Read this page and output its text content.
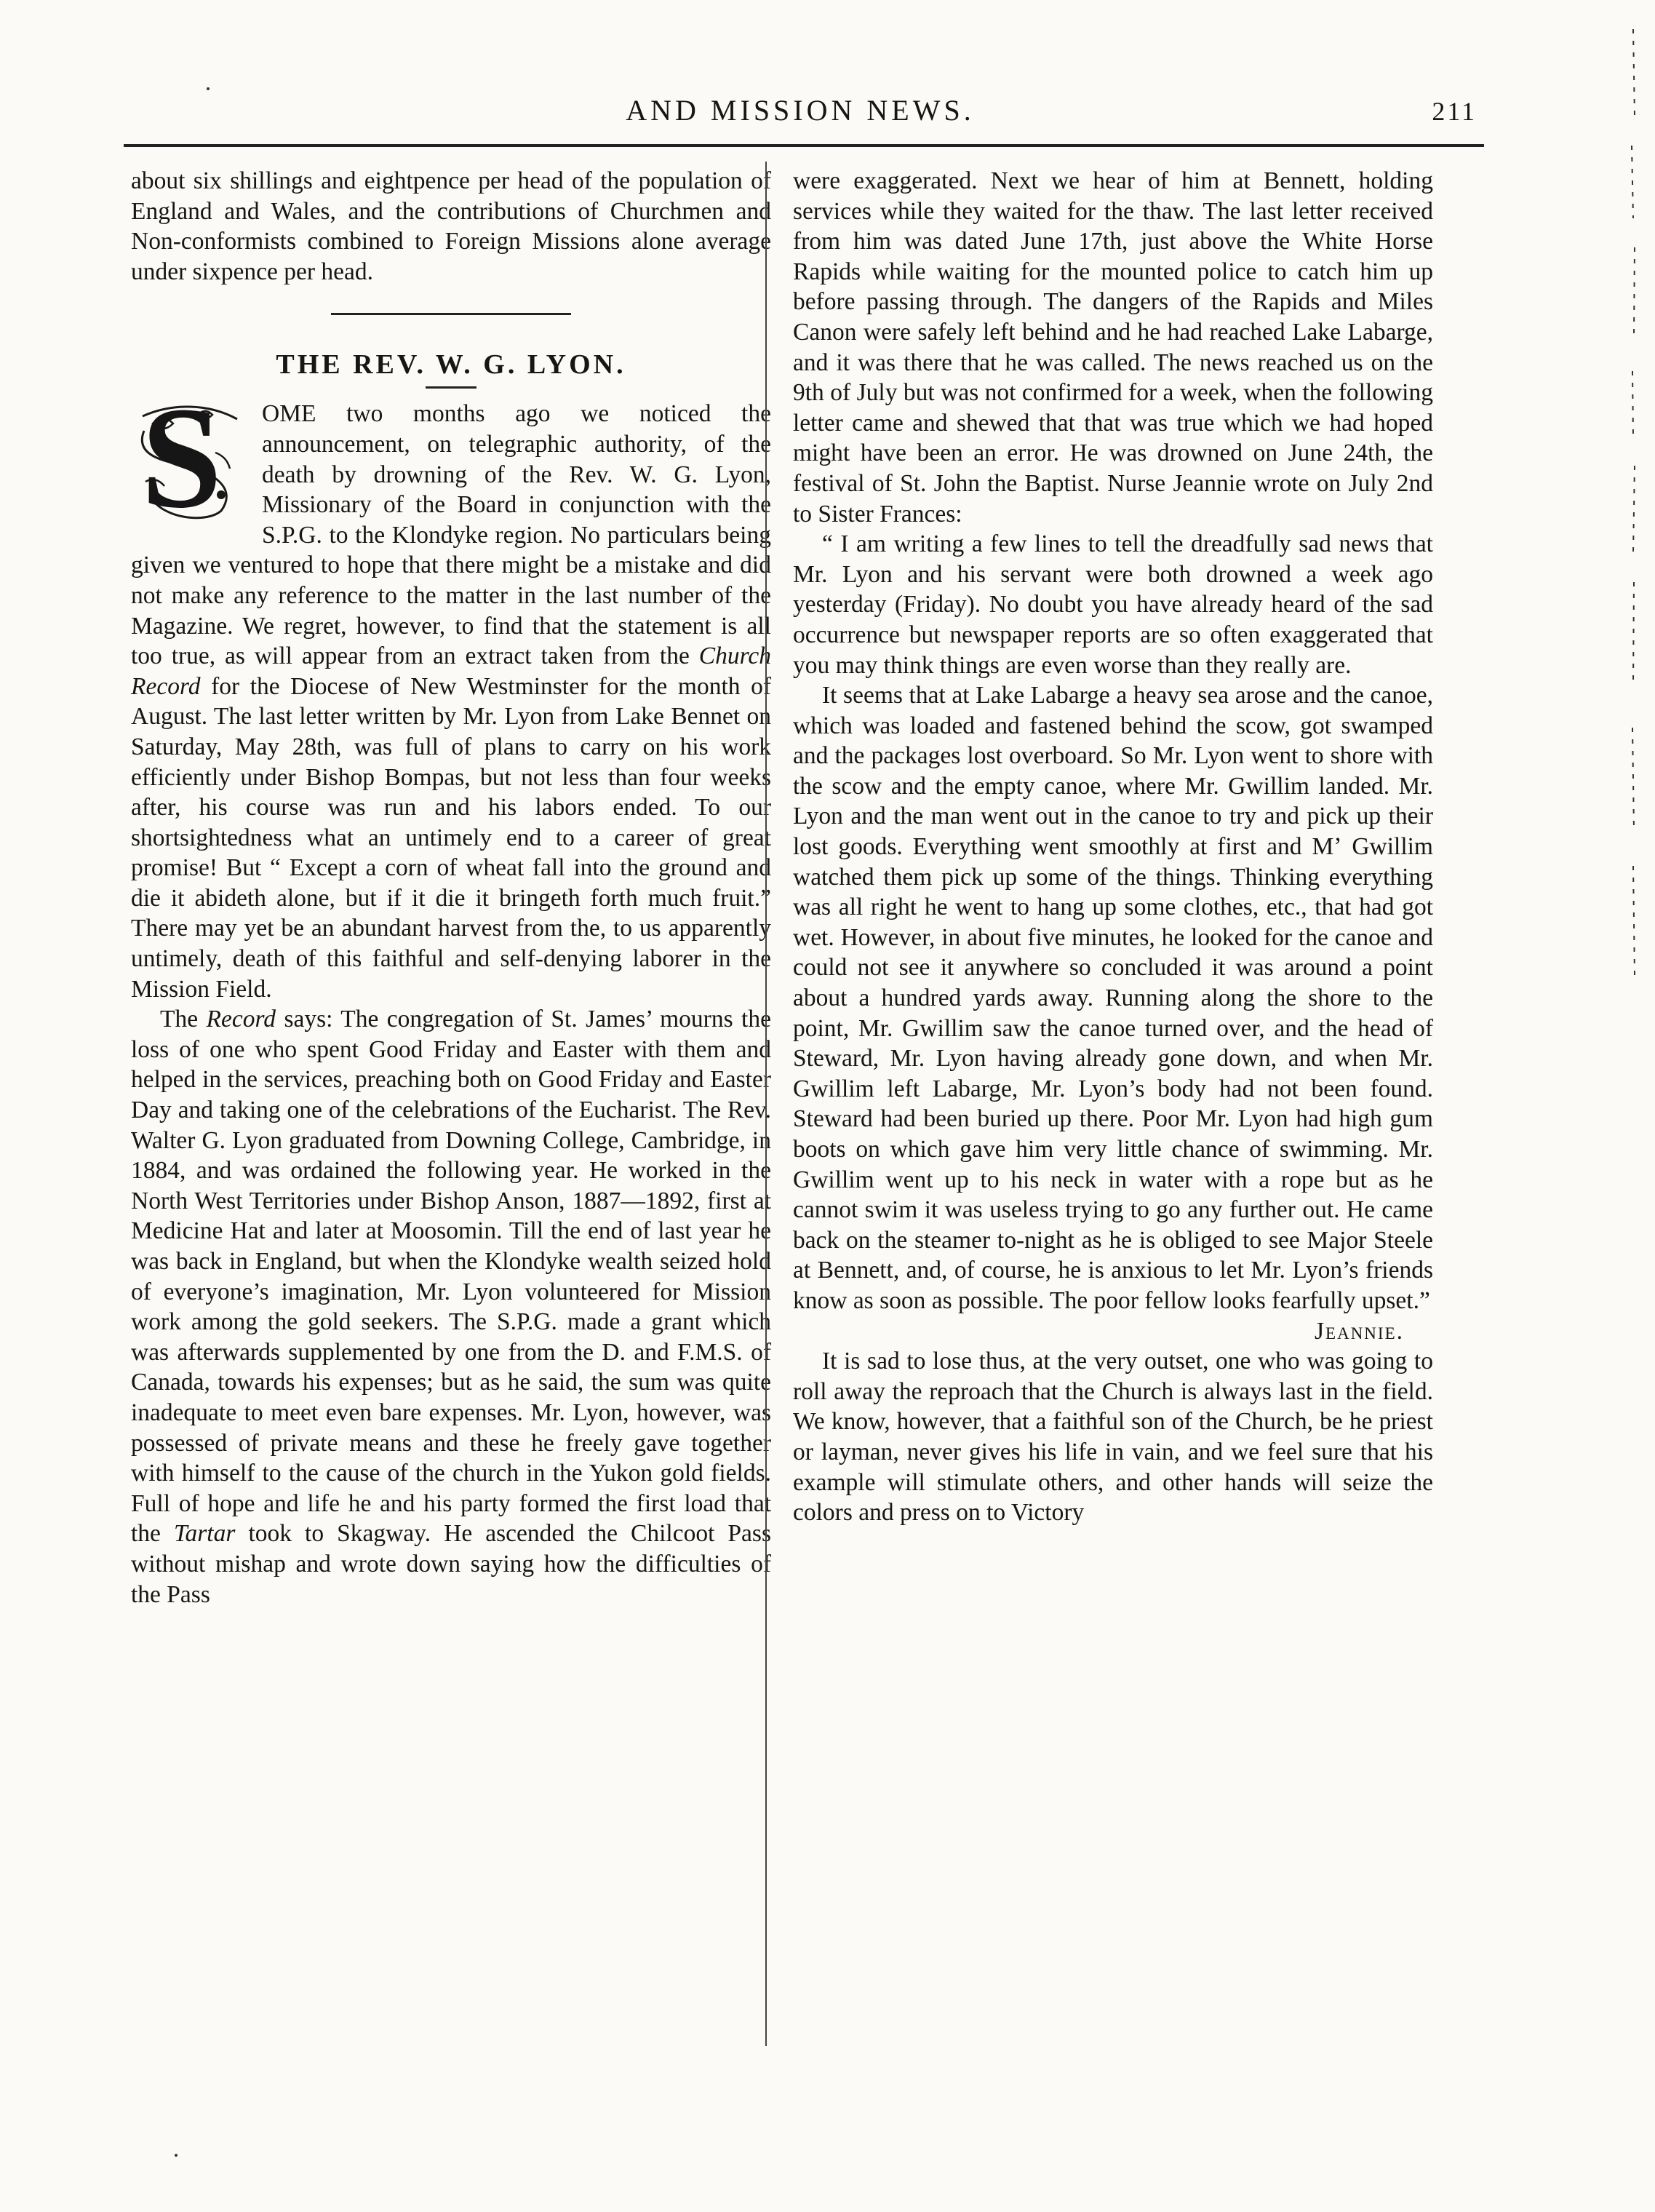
AND MISSION NEWS.	211

about six shillings and eightpence per head of the population of England and Wales, and the contributions of Churchmen and Non-conformists combined to Foreign Missions alone average under sixpence per head.

THE REV. W. G. LYON.

S OME two months ago we noticed the announcement, on telegraphic authority, of the death by drowning of the Rev. W. G. Lyon, Missionary of the Board in conjunction with the S.P.G. to the Klondyke region. No particulars being given we ventured to hope that there might be a mistake and did not make any reference to the matter in the last number of the Magazine. We regret, however, to find that the statement is all too true, as will appear from an extract taken from the Church Record for the Diocese of New Westminster for the month of August. The last letter written by Mr. Lyon from Lake Bennet on Saturday, May 28th, was full of plans to carry on his work efficiently under Bishop Bompas, but not less than four weeks after, his course was run and his labors ended. To our shortsightedness what an untimely end to a career of great promise! But “ Except a corn of wheat fall into the ground and die it abideth alone, but if it die it bringeth forth much fruit.” There may yet be an abundant harvest from the, to us apparently untimely, death of this faithful and self-denying laborer in the Mission Field.

The Record says: The congregation of St. James’ mourns the loss of one who spent Good Friday and Easter with them and helped in the services, preaching both on Good Friday and Easter Day and taking one of the celebrations of the Eucharist. The Rev. Walter G. Lyon graduated from Downing College, Cambridge, in 1884, and was ordained the following year. He worked in the North West Territories under Bishop Anson, 1887—1892, first at Medicine Hat and later at Moosomin. Till the end of last year he was back in England, but when the Klondyke wealth seized hold of everyone’s imagination, Mr. Lyon volunteered for Mission work among the gold seekers. The S.P.G. made a grant which was afterwards supplemented by one from the D. and F.M.S. of Canada, towards his expenses; but as he said, the sum was quite inadequate to meet even bare expenses. Mr. Lyon, however, was possessed of private means and these he freely gave together with himself to the cause of the church in the Yukon gold fields. Full of hope and life he and his party formed the first load that the Tartar took to Skagway. He ascended the Chilcoot Pass without mishap and wrote down saying how the difficulties of the Pass

were exaggerated. Next we hear of him at Bennett, holding services while they waited for the thaw. The last letter received from him was dated June 17th, just above the White Horse Rapids while waiting for the mounted police to catch him up before passing through. The dangers of the Rapids and Miles Canon were safely left behind and he had reached Lake Labarge, and it was there that he was called. The news reached us on the 9th of July but was not confirmed for a week, when the following letter came and shewed that that was true which we had hoped might have been an error. He was drowned on June 24th, the festival of St. John the Baptist. Nurse Jeannie wrote on July 2nd to Sister Frances:

“ I am writing a few lines to tell the dreadfully sad news that Mr. Lyon and his servant were both drowned a week ago yesterday (Friday). No doubt you have already heard of the sad occurrence but newspaper reports are so often exaggerated that you may think things are even worse than they really are.

It seems that at Lake Labarge a heavy sea arose and the canoe, which was loaded and fastened behind the scow, got swamped and the packages lost overboard. So Mr. Lyon went to shore with the scow and the empty canoe, where Mr. Gwillim landed. Mr. Lyon and the man went out in the canoe to try and pick up their lost goods. Everything went smoothly at first and Mʼ Gwillim watched them pick up some of the things. Thinking everything was all right he went to hang up some clothes, etc., that had got wet. However, in about five minutes, he looked for the canoe and could not see it anywhere so concluded it was around a point about a hundred yards away. Running along the shore to the point, Mr. Gwillim saw the canoe turned over, and the head of Steward, Mr. Lyon having already gone down, and when Mr. Gwillim left Labarge, Mr. Lyon’s body had not been found. Steward had been buried up there. Poor Mr. Lyon had high gum boots on which gave him very little chance of swimming. Mr. Gwillim went up to his neck in water with a rope but as he cannot swim it was useless trying to go any further out. He came back on the steamer to-night as he is obliged to see Major Steele at Bennett, and, of course, he is anxious to let Mr. Lyon’s friends know as soon as possible. The poor fellow looks fearfully upset.”

Jeannie.

It is sad to lose thus, at the very outset, one who was going to roll away the reproach that the Church is always last in the field. We know, however, that a faithful son of the Church, be he priest or layman, never gives his life in vain, and we feel sure that his example will stimulate others, and other hands will seize the colors and press on to Victory
